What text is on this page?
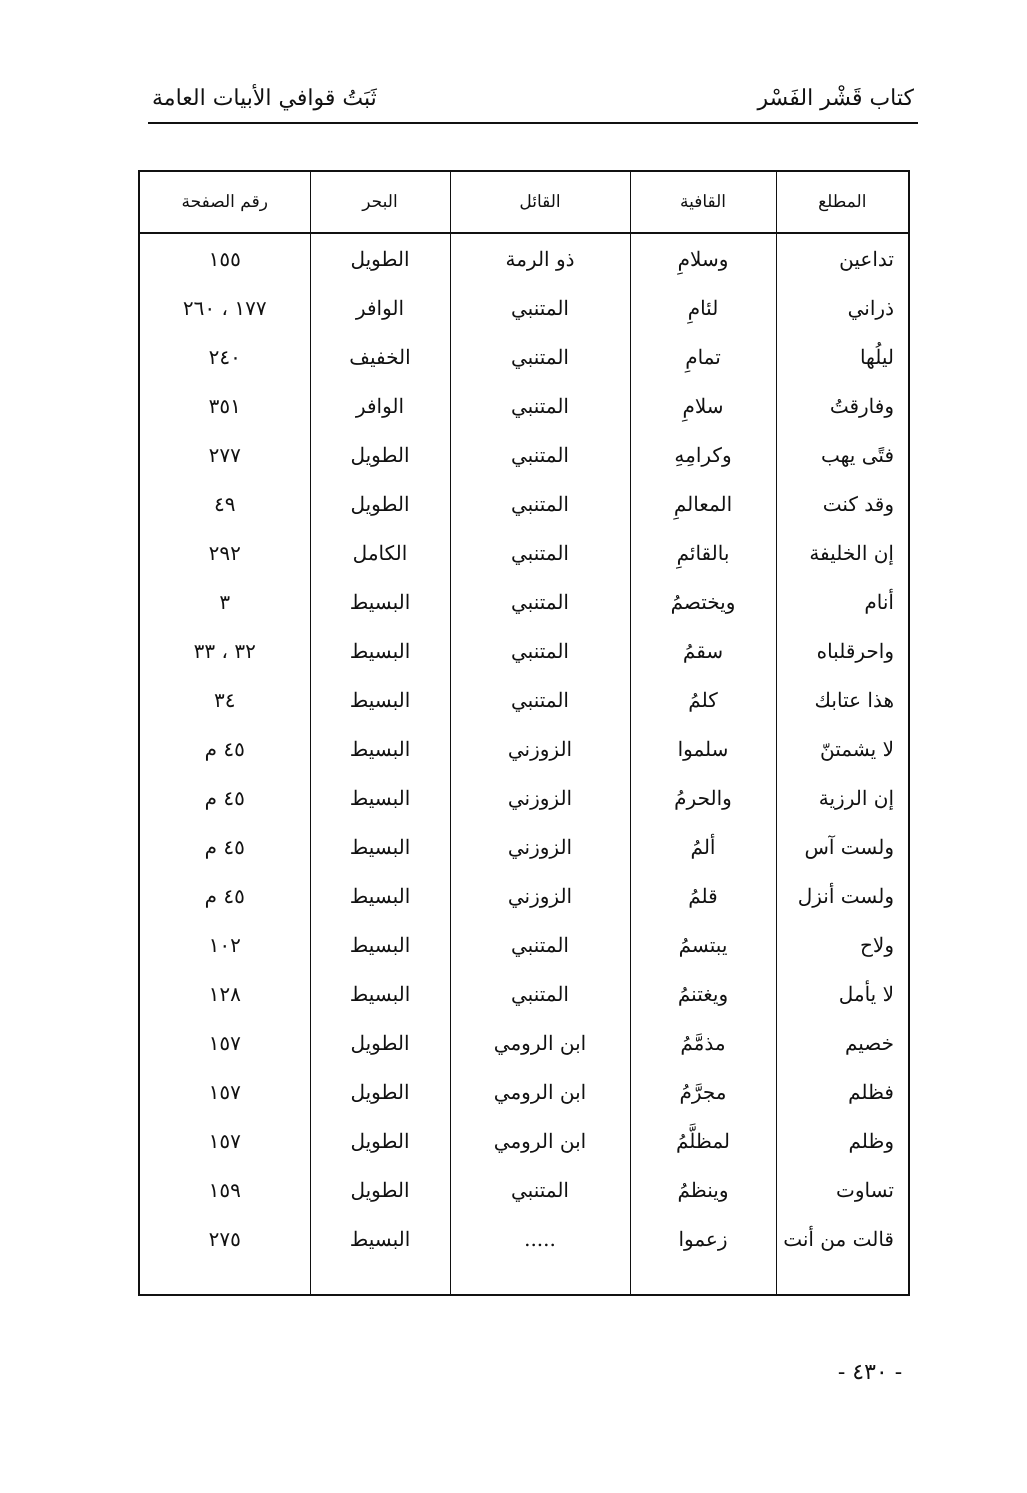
كتاب قَشْر الفَسْر
ثَبَتُ قوافي الأبيات العامة
المطلع	القافية	القائل	البحر	رقم الصفحة
تداعين	وسلامِ	ذو الرمة	الطويل	١٥٥
ذراني	لئامِ	المتنبي	الوافر	١٧٧ ، ٢٦٠
ليلُها	تمامِ	المتنبي	الخفيف	٢٤٠
وفارقتُ	سلامِ	المتنبي	الوافر	٣٥١
فتًى يهب	وكرامِهِ	المتنبي	الطويل	٢٧٧
وقد كنت	المعالمِ	المتنبي	الطويل	٤٩
إن الخليفة	بالقائمِ	المتنبي	الكامل	٢٩٢
أنام	ويختصمُ	المتنبي	البسيط	٣
واحرقلباه	سقمُ	المتنبي	البسيط	٣٢ ، ٣٣
هذا عتابك	كلمُ	المتنبي	البسيط	٣٤
لا يشمتنّ	سلموا	الزوزني	البسيط	٤٥ م
إن الرزية	والحرمُ	الزوزني	البسيط	٤٥ م
ولست آس	ألمُ	الزوزني	البسيط	٤٥ م
ولست أنزل	قلمُ	الزوزني	البسيط	٤٥ م
ولاح	يبتسمُ	المتنبي	البسيط	١٠٢
لا يأمل	ويغتنمُ	المتنبي	البسيط	١٢٨
خصيم	مذمَّمُ	ابن الرومي	الطويل	١٥٧
فظلم	مجرَّمُ	ابن الرومي	الطويل	١٥٧
وظلم	لمظلَّمُ	ابن الرومي	الطويل	١٥٧
تساوت	وينظمُ	المتنبي	الطويل	١٥٩
قالت من أنت	زعموا	.....	البسيط	٢٧٥

- ٤٣٠ -
